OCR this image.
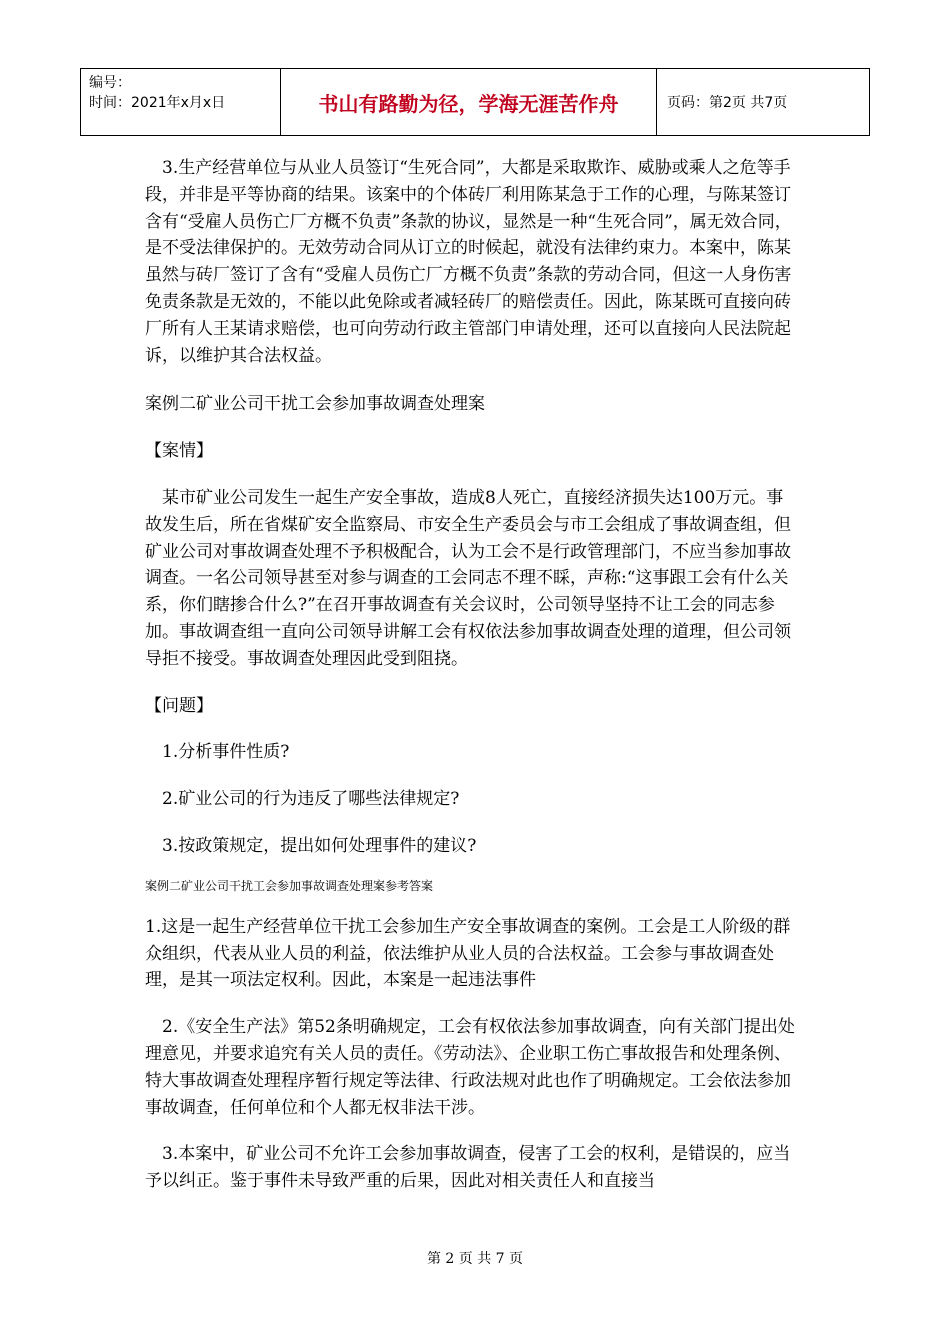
编号：
时间：2021年x月x日	书山有路勤为径，学海无涯苦作舟	页码：第2页 共7页

　3.生产经营单位与从业人员签订“生死合同”，大都是采取欺诈、威胁或乘人之危等手段，并非是平等协商的结果。该案中的个体砖厂利用陈某急于工作的心理，与陈某签订含有“受雇人员伤亡厂方概不负责”条款的协议，显然是一种“生死合同”，属无效合同，是不受法律保护的。无效劳动合同从订立的时候起，就没有法律约束力。本案中，陈某虽然与砖厂签订了含有“受雇人员伤亡厂方概不负责”条款的劳动合同，但这一人身伤害免责条款是无效的，不能以此免除或者减轻砖厂的赔偿责任。因此，陈某既可直接向砖厂所有人王某请求赔偿，也可向劳动行政主管部门申请处理，还可以直接向人民法院起诉，以维护其合法权益。

案例二矿业公司干扰工会参加事故调查处理案

【案情】

　某市矿业公司发生一起生产安全事故，造成8人死亡，直接经济损失达100万元。事故发生后，所在省煤矿安全监察局、市安全生产委员会与市工会组成了事故调查组，但矿业公司对事故调查处理不予积极配合，认为工会不是行政管理部门，不应当参加事故调查。一名公司领导甚至对参与调查的工会同志不理不睬，声称:“这事跟工会有什么关系，你们瞎掺合什么?”在召开事故调查有关会议时，公司领导坚持不让工会的同志参加。事故调查组一直向公司领导讲解工会有权依法参加事故调查处理的道理，但公司领导拒不接受。事故调查处理因此受到阻挠。

【问题】

　1.分析事件性质?

　2.矿业公司的行为违反了哪些法律规定?

　3.按政策规定，提出如何处理事件的建议?

案例二矿业公司干扰工会参加事故调查处理案参考答案

1.这是一起生产经营单位干扰工会参加生产安全事故调查的案例。工会是工人阶级的群众组织，代表从业人员的利益，依法维护从业人员的合法权益。工会参与事故调查处理，是其一项法定权利。因此，本案是一起违法事件

　2.《安全生产法》第52条明确规定，工会有权依法参加事故调查，向有关部门提出处理意见，并要求追究有关人员的责任。《劳动法》、企业职工伤亡事故报告和处理条例、特大事故调查处理程序暂行规定等法律、行政法规对此也作了明确规定。工会依法参加事故调查，任何单位和个人都无权非法干涉。

　3.本案中，矿业公司不允许工会参加事故调查，侵害了工会的权利，是错误的，应当予以纠正。鉴于事件未导致严重的后果，因此对相关责任人和直接当

第 2 页 共 7 页
